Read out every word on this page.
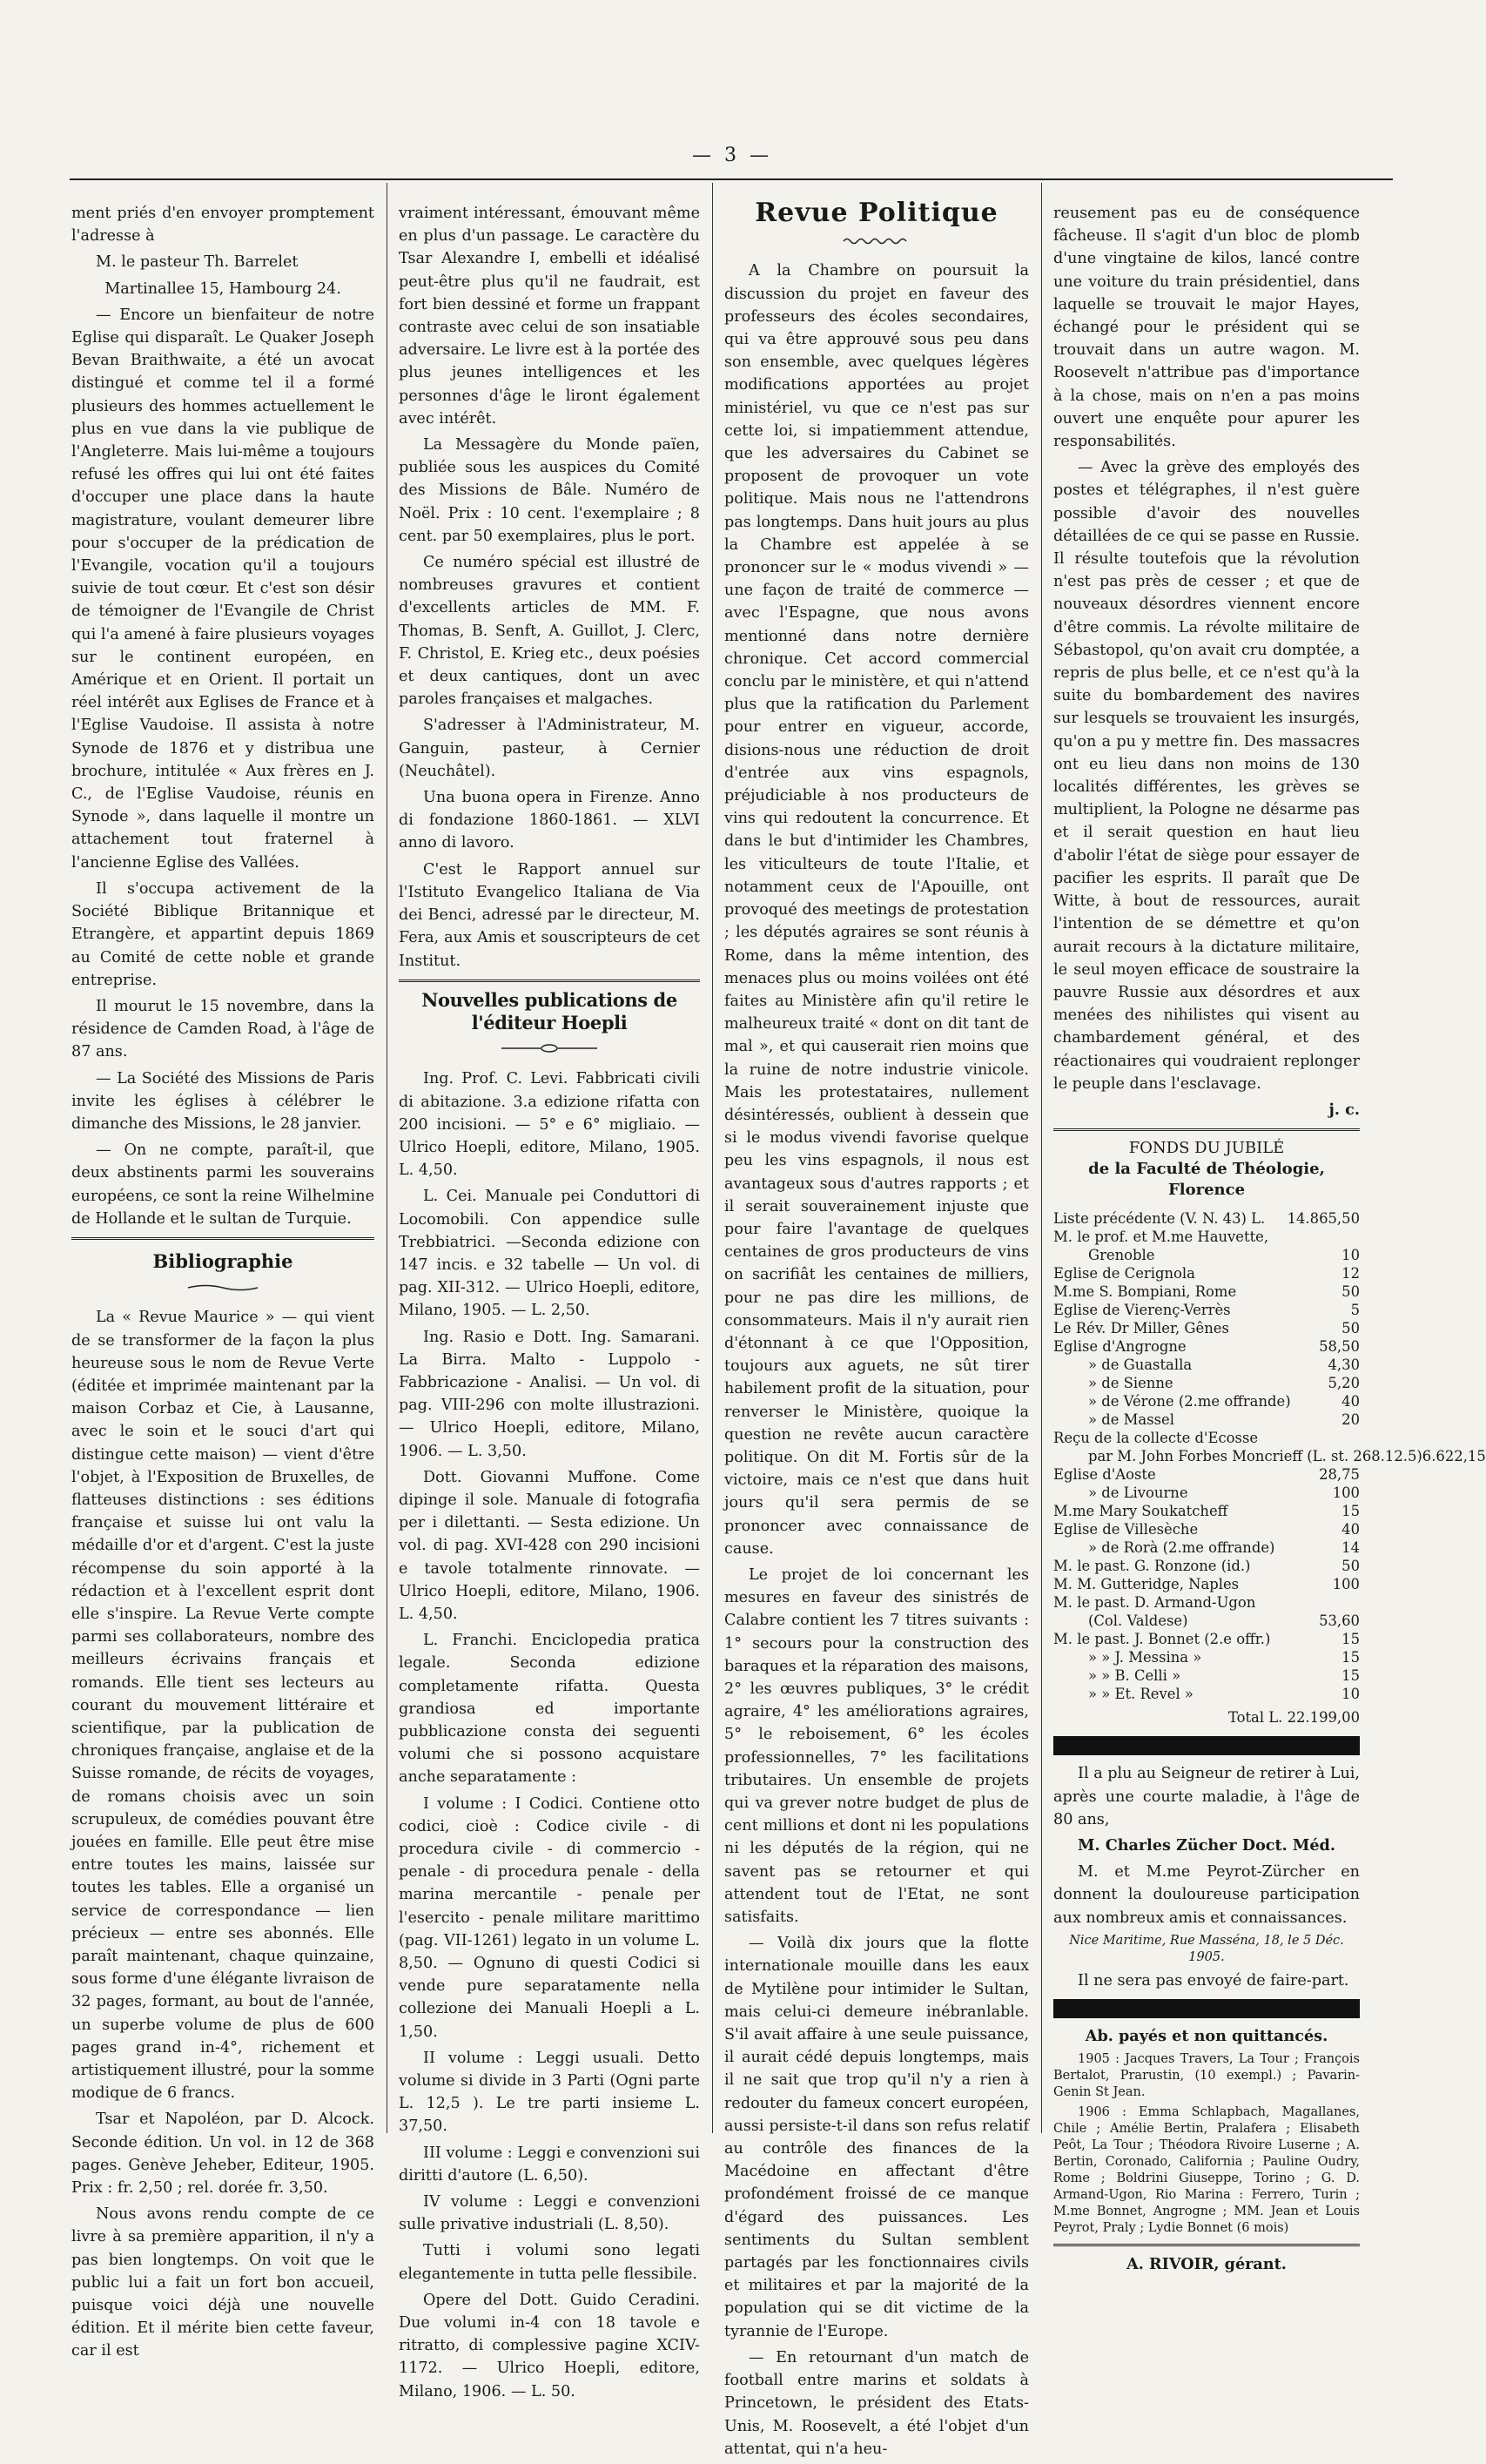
— 3 —

ment priés d'en envoyer promptement l'adresse à

M. le pasteur Th. Barrelet

Martinallee 15, Hambourg 24.

— Encore un bienfaiteur de notre Eglise qui disparaît. Le Quaker Joseph Bevan Braithwaite, a été un avocat distingué et comme tel il a formé plusieurs des hommes actuellement le plus en vue dans la vie publique de l'Angleterre. Mais lui-même a toujours refusé les offres qui lui ont été faites d'occuper une place dans la haute magistrature, voulant demeurer libre pour s'occuper de la prédication de l'Evangile, vocation qu'il a toujours suivie de tout cœur. Et c'est son désir de témoigner de l'Evangile de Christ qui l'a amené à faire plusieurs voyages sur le continent européen, en Amérique et en Orient. Il portait un réel intérêt aux Eglises de France et à l'Eglise Vaudoise. Il assista à notre Synode de 1876 et y distribua une brochure, intitulée « Aux frères en J. C., de l'Eglise Vaudoise, réunis en Synode », dans laquelle il montre un attachement tout fraternel à l'ancienne Eglise des Vallées.

Il s'occupa activement de la Société Biblique Britannique et Etrangère, et appartint depuis 1869 au Comité de cette noble et grande entreprise.

Il mourut le 15 novembre, dans la résidence de Camden Road, à l'âge de 87 ans.

— La Société des Missions de Paris invite les églises à célébrer le dimanche des Missions, le 28 janvier.

— On ne compte, paraît-il, que deux abstinents parmi les souverains européens, ce sont la reine Wilhelmine de Hollande et le sultan de Turquie.

Bibliographie

La « Revue Maurice » — qui vient de se transformer de la façon la plus heureuse sous le nom de Revue Verte (éditée et imprimée maintenant par la maison Corbaz et Cie, à Lausanne, avec le soin et le souci d'art qui distingue cette maison) — vient d'être l'objet, à l'Exposition de Bruxelles, de flatteuses distinctions : ses éditions française et suisse lui ont valu la médaille d'or et d'argent. C'est la juste récompense du soin apporté à la rédaction et à l'excellent esprit dont elle s'inspire. La Revue Verte compte parmi ses collaborateurs, nombre des meilleurs écrivains français et romands. Elle tient ses lecteurs au courant du mouvement littéraire et scientifique, par la publication de chroniques française, anglaise et de la Suisse romande, de récits de voyages, de romans choisis avec un soin scrupuleux, de comédies pouvant être jouées en famille. Elle peut être mise entre toutes les mains, laissée sur toutes les tables. Elle a organisé un service de correspondance — lien précieux — entre ses abonnés. Elle paraît maintenant, chaque quinzaine, sous forme d'une élégante livraison de 32 pages, formant, au bout de l'année, un superbe volume de plus de 600 pages grand in-4°, richement et artistiquement illustré, pour la somme modique de 6 francs.

Tsar et Napoléon, par D. Alcock. Seconde édition. Un vol. in 12 de 368 pages. Genève Jeheber, Editeur, 1905. Prix : fr. 2,50 ; rel. dorée fr. 3,50.

Nous avons rendu compte de ce livre à sa première apparition, il n'y a pas bien longtemps. On voit que le public lui a fait un fort bon accueil, puisque voici déjà une nouvelle édition. Et il mérite bien cette faveur, car il est

vraiment intéressant, émouvant même en plus d'un passage. Le caractère du Tsar Alexandre I, embelli et idéalisé peut-être plus qu'il ne faudrait, est fort bien dessiné et forme un frappant contraste avec celui de son insatiable adversaire. Le livre est à la portée des plus jeunes intelligences et les personnes d'âge le liront également avec intérêt.

La Messagère du Monde païen, publiée sous les auspices du Comité des Missions de Bâle. Numéro de Noël. Prix : 10 cent. l'exemplaire ; 8 cent. par 50 exemplaires, plus le port.

Ce numéro spécial est illustré de nombreuses gravures et contient d'excellents articles de MM. F. Thomas, B. Senft, A. Guillot, J. Clerc, F. Christol, E. Krieg etc., deux poésies et deux cantiques, dont un avec paroles françaises et malgaches.

S'adresser à l'Administrateur, M. Ganguin, pasteur, à Cernier (Neuchâtel).

Una buona opera in Firenze. Anno di fondazione 1860-1861. — XLVI anno di lavoro.

C'est le Rapport annuel sur l'Istituto Evangelico Italiana de Via dei Benci, adressé par le directeur, M. Fera, aux Amis et souscripteurs de cet Institut.

Nouvelles publications de l'éditeur Hoepli

Ing. Prof. C. Levi. Fabbricati civili di abitazione. 3.a edizione rifatta con 200 incisioni. — 5° e 6° migliaio. — Ulrico Hoepli, editore, Milano, 1905. L. 4,50.

L. Cei. Manuale pei Conduttori di Locomobili. Con appendice sulle Trebbiatrici. —Seconda edizione con 147 incis. e 32 tabelle — Un vol. di pag. XII-312. — Ulrico Hoepli, editore, Milano, 1905. — L. 2,50.

Ing. Rasio e Dott. Ing. Samarani. La Birra. Malto - Luppolo - Fabbricazione - Analisi. — Un vol. di pag. VIII-296 con molte illustrazioni. — Ulrico Hoepli, editore, Milano, 1906. — L. 3,50.

Dott. Giovanni Muffone. Come dipinge il sole. Manuale di fotografia per i dilettanti. — Sesta edizione. Un vol. di pag. XVI-428 con 290 incisioni e tavole totalmente rinnovate. — Ulrico Hoepli, editore, Milano, 1906. L. 4,50.

L. Franchi. Enciclopedia pratica legale. Seconda edizione completamente rifatta. Questa grandiosa ed importante pubblicazione consta dei seguenti volumi che si possono acquistare anche separatamente :

I volume : I Codici. Contiene otto codici, cioè : Codice civile - di procedura civile - di commercio - penale - di procedura penale - della marina mercantile - penale per l'esercito - penale militare marittimo (pag. VII-1261) legato in un volume L. 8,50. — Ognuno di questi Codici si vende pure separatamente nella collezione dei Manuali Hoepli a L. 1,50.

II volume : Leggi usuali. Detto volume si divide in 3 Parti (Ogni parte L. 12,5 ). Le tre parti insieme L. 37,50.

III volume : Leggi e convenzioni sui diritti d'autore (L. 6,50).

IV volume : Leggi e convenzioni sulle privative industriali (L. 8,50).

Tutti i volumi sono legati elegantemente in tutta pelle flessibile.

Opere del Dott. Guido Ceradini. Due volumi in-4 con 18 tavole e ritratto, di complessive pagine XCIV-1172. — Ulrico Hoepli, editore, Milano, 1906. — L. 50.

Revue Politique

A la Chambre on poursuit la discussion du projet en faveur des professeurs des écoles secondaires, qui va être approuvé sous peu dans son ensemble, avec quelques légères modifications apportées au projet ministériel, vu que ce n'est pas sur cette loi, si impatiemment attendue, que les adversaires du Cabinet se proposent de provoquer un vote politique. Mais nous ne l'attendrons pas longtemps. Dans huit jours au plus la Chambre est appelée à se prononcer sur le « modus vivendi » — une façon de traité de commerce — avec l'Espagne, que nous avons mentionné dans notre dernière chronique. Cet accord commercial conclu par le ministère, et qui n'attend plus que la ratification du Parlement pour entrer en vigueur, accorde, disions-nous une réduction de droit d'entrée aux vins espagnols, préjudiciable à nos producteurs de vins qui redoutent la concurrence. Et dans le but d'intimider les Chambres, les viticulteurs de toute l'Italie, et notamment ceux de l'Apouille, ont provoqué des meetings de protestation ; les députés agraires se sont réunis à Rome, dans la même intention, des menaces plus ou moins voilées ont été faites au Ministère afin qu'il retire le malheureux traité « dont on dit tant de mal », et qui causerait rien moins que la ruine de notre industrie vinicole. Mais les protestataires, nullement désintéressés, oublient à dessein que si le modus vivendi favorise quelque peu les vins espagnols, il nous est avantageux sous d'autres rapports ; et il serait souverainement injuste que pour faire l'avantage de quelques centaines de gros producteurs de vins on sacrifiât les centaines de milliers, pour ne pas dire les millions, de consommateurs. Mais il n'y aurait rien d'étonnant à ce que l'Opposition, toujours aux aguets, ne sût tirer habilement profit de la situation, pour renverser le Ministère, quoique la question ne revête aucun caractère politique. On dit M. Fortis sûr de la victoire, mais ce n'est que dans huit jours qu'il sera permis de se prononcer avec connaissance de cause.

Le projet de loi concernant les mesures en faveur des sinistrés de Calabre contient les 7 titres suivants : 1° secours pour la construction des baraques et la réparation des maisons, 2° les œuvres publiques, 3° le crédit agraire, 4° les améliorations agraires, 5° le reboisement, 6° les écoles professionnelles, 7° les facilitations tributaires. Un ensemble de projets qui va grever notre budget de plus de cent millions et dont ni les populations ni les députés de la région, qui ne savent pas se retourner et qui attendent tout de l'Etat, ne sont satisfaits.

— Voilà dix jours que la flotte internationale mouille dans les eaux de Mytilène pour intimider le Sultan, mais celui-ci demeure inébranlable. S'il avait affaire à une seule puissance, il aurait cédé depuis longtemps, mais il ne sait que trop qu'il n'y a rien à redouter du fameux concert européen, aussi persiste-t-il dans son refus relatif au contrôle des finances de la Macédoine en affectant d'être profondément froissé de ce manque d'égard des puissances. Les sentiments du Sultan semblent partagés par les fonctionnaires civils et militaires et par la majorité de la population qui se dit victime de la tyrannie de l'Europe.

— En retournant d'un match de football entre marins et soldats à Princetown, le président des Etats-Unis, M. Roosevelt, a été l'objet d'un attentat, qui n'a heu-

reusement pas eu de conséquence fâcheuse. Il s'agit d'un bloc de plomb d'une vingtaine de kilos, lancé contre une voiture du train présidentiel, dans laquelle se trouvait le major Hayes, échangé pour le président qui se trouvait dans un autre wagon. M. Roosevelt n'attribue pas d'importance à la chose, mais on n'en a pas moins ouvert une enquête pour apurer les responsabilités.

— Avec la grève des employés des postes et télégraphes, il n'est guère possible d'avoir des nouvelles détaillées de ce qui se passe en Russie. Il résulte toutefois que la révolution n'est pas près de cesser ; et que de nouveaux désordres viennent encore d'être commis. La révolte militaire de Sébastopol, qu'on avait cru domptée, a repris de plus belle, et ce n'est qu'à la suite du bombardement des navires sur lesquels se trouvaient les insurgés, qu'on a pu y mettre fin. Des massacres ont eu lieu dans non moins de 130 localités différentes, les grèves se multiplient, la Pologne ne désarme pas et il serait question en haut lieu d'abolir l'état de siège pour essayer de pacifier les esprits. Il paraît que De Witte, à bout de ressources, aurait l'intention de se démettre et qu'on aurait recours à la dictature militaire, le seul moyen efficace de soustraire la pauvre Russie aux désordres et aux menées des nihilistes qui visent au chambardement général, et des réactionaires qui voudraient replonger le peuple dans l'esclavage.

j. c.

FONDS DU JUBILÉ
de la Faculté de Théologie, Florence
Liste précédente (V. N. 43) L. 14.865,50
M. le prof. et M.me Hauvette,
Grenoble	10
Eglise de Cerignola	12
M.me S. Bompiani, Rome	50
Eglise de Vierenç-Verrès	5
Le Rév. Dr Miller, Gênes	50
Eglise d'Angrogne	58,50
» de Guastalla	4,30
» de Sienne	5,20
» de Vérone (2.me offrande)	40
» de Massel	20
Reçu de la collecte d'Ecosse
par M. John Forbes Moncrieff (L. st. 268.12.5) 6.622,15
Eglise d'Aoste	28,75
» de Livourne	100
M.me Mary Soukatcheff	15
Eglise de Villesèche	40
» de Rorà (2.me offrande)	14
M. le past. G. Ronzone (id.)	50
M. M. Gutteridge, Naples	100
M. le past. D. Armand-Ugon
(Col. Valdese)	53,60
M. le past. J. Bonnet (2.e offr.)	15
» » J. Messina »	15
» » B. Celli »	15
» » Et. Revel »	10
Total L. 22.199,00

Il a plu au Seigneur de retirer à Lui, après une courte maladie, à l'âge de 80 ans,

M. Charles Zücher Doct. Méd.

M. et M.me Peyrot-Zürcher en donnent la douloureuse participation aux nombreux amis et connaissances.

Nice Maritime, Rue Masséna, 18, le 5 Déc. 1905.

Il ne sera pas envoyé de faire-part.

Ab. payés et non quittancés.

1905 : Jacques Travers, La Tour ; François Bertalot, Prarustin, (10 exempl.) ; Pavarin-Genin St Jean.

1906 : Emma Schlapbach, Magallanes, Chile ; Amélie Bertin, Pralafera ; Elisabeth Peôt, La Tour ; Théodora Rivoire Luserne ; A. Bertin, Coronado, California ; Pauline Oudry, Rome ; Boldrini Giuseppe, Torino ; G. D. Armand-Ugon, Rio Marina : Ferrero, Turin ; M.me Bonnet, Angrogne ; MM. Jean et Louis Peyrot, Praly ; Lydie Bonnet (6 mois)

A. RIVOIR, gérant.
